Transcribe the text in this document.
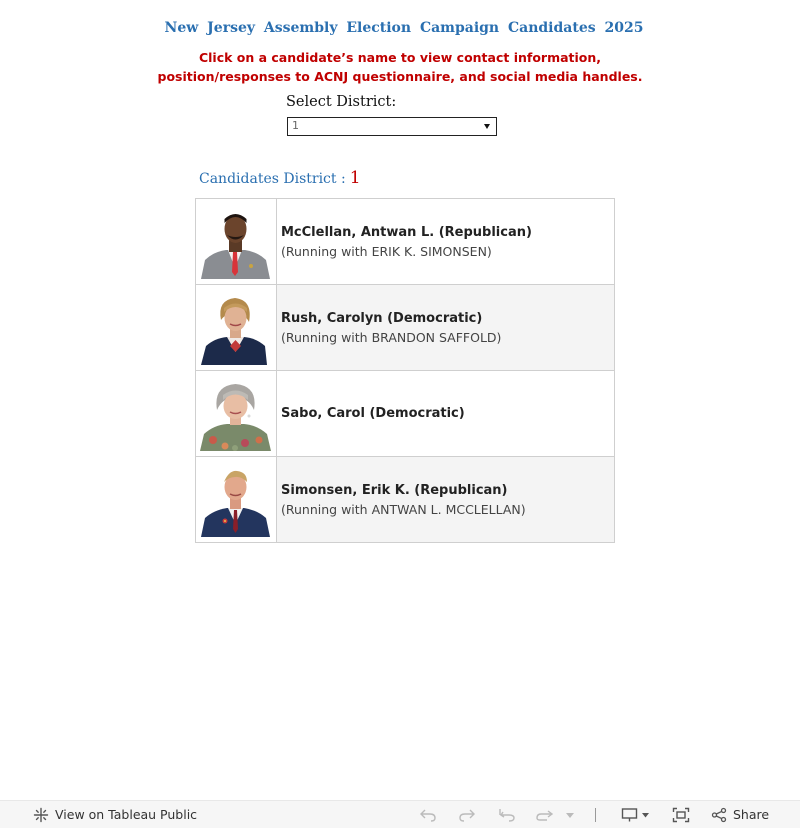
New Jersey Assembly Election Campaign Candidates 2025
Click on a candidate’s name to view contact information, position/responses to ACNJ questionnaire, and social media handles.
Select District:
1
Candidates District : 1
McClellan, Antwan L. (Republican)
(Running with ERIK K. SIMONSEN)
Rush, Carolyn (Democratic)
(Running with BRANDON SAFFOLD)
Sabo, Carol (Democratic)
Simonsen, Erik K. (Republican)
(Running with ANTWAN L. MCCLELLAN)
View on Tableau Public	Share
